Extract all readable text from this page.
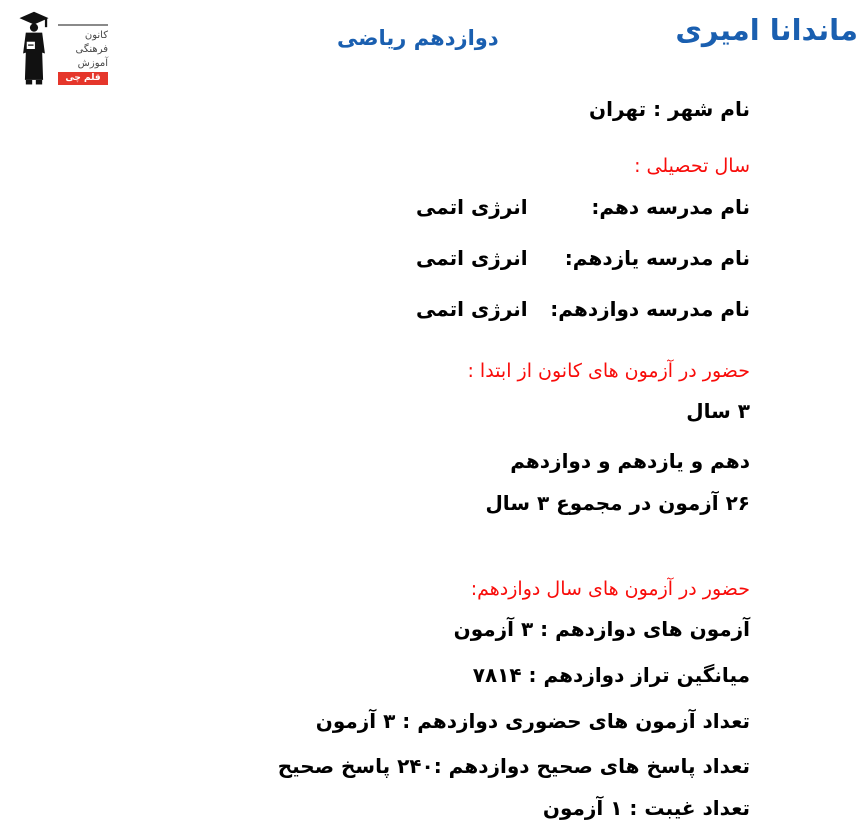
کانون
فرهنگی
آموزش
قلم چی
دوازدهم ریاضی	ماندانا امیری
نام شهر : تهران
سال تحصیلی :
نام مدرسه دهم:
انرژی اتمی
نام مدرسه یازدهم:
انرژی اتمی
نام مدرسه دوازدهم:
انرژی اتمی
حضور در آزمون های کانون از ابتدا :
۳ سال
دهم و یازدهم و دوازدهم
۲۶ آزمون در مجموع ۳ سال
حضور در آزمون های سال دوازدهم:
آزمون های دوازدهم : ۳ آزمون
میانگین تراز دوازدهم : ۷۸۱۴
تعداد آزمون های حضوری دوازدهم : ۳ آزمون
تعداد پاسخ های صحیح دوازدهم :۲۴۰ پاسخ صحیح
تعداد غیبت : ۱ آزمون
